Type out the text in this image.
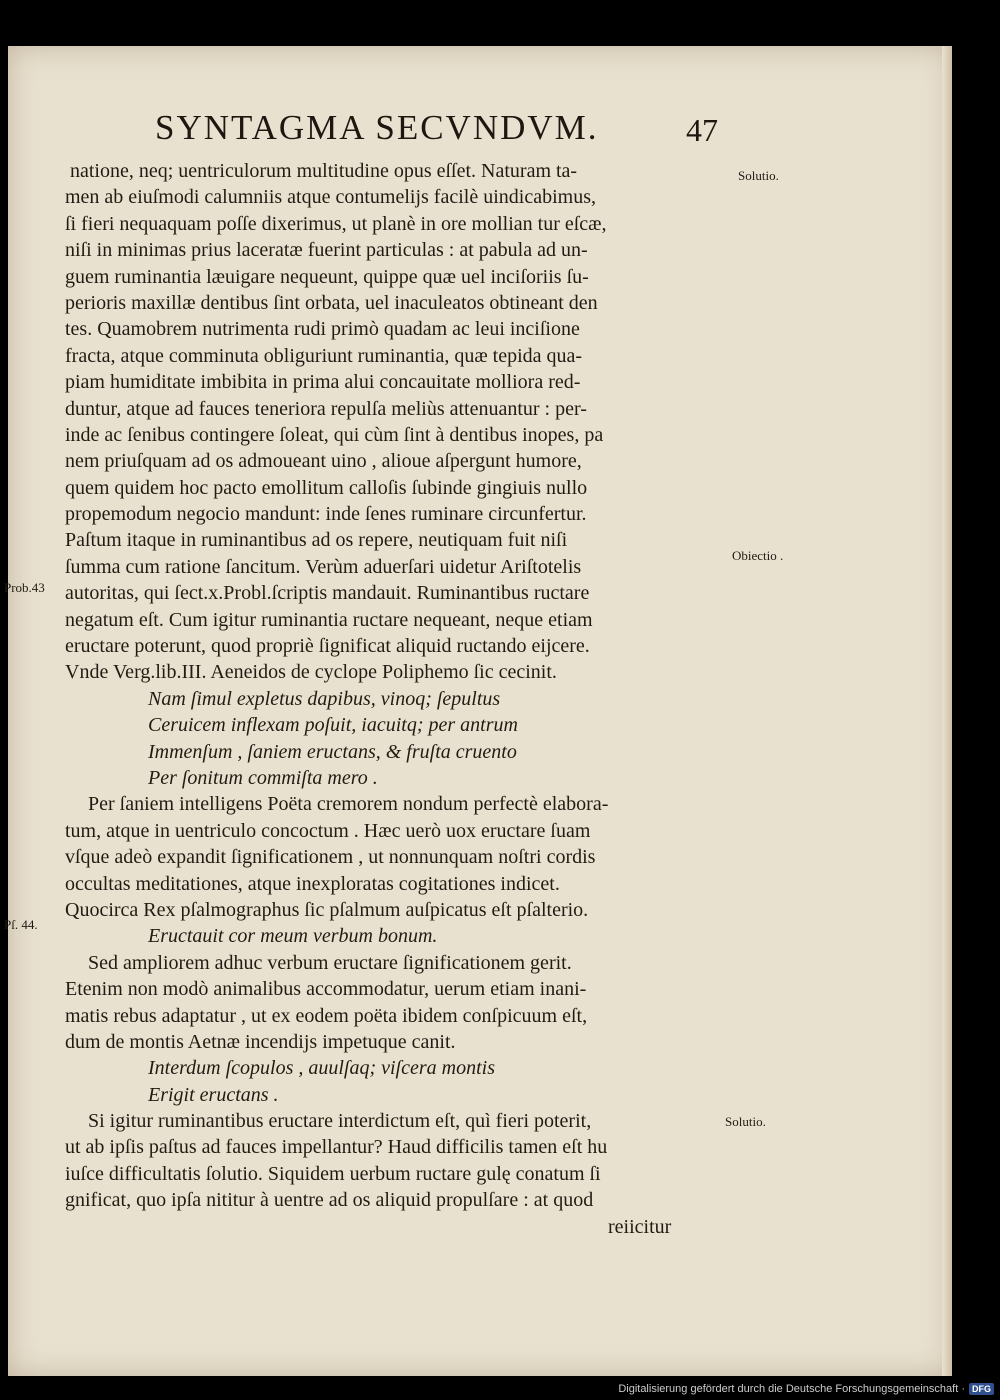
SYNTAGMA SECVNDVM.	47
natione, neq; uentriculorum multitudine opus eſſet. Naturam ta-
men ab eiuſmodi calumniis atque contumelijs facilè uindicabimus,
ſi fieri nequaquam poſſe dixerimus, ut planè in ore mollian tur eſcæ,
niſi in minimas prius laceratæ fuerint particulas : at pabula ad un-
guem ruminantia læuigare nequeunt, quippe quæ uel inciſoriis ſu-
perioris maxillæ dentibus ſint orbata, uel inaculeatos obtineant den
tes. Quamobrem nutrimenta rudi primò quadam ac leui inciſione
fracta, atque comminuta obliguriunt ruminantia, quæ tepida qua-
piam humiditate imbibita in prima alui concauitate molliora red-
duntur, atque ad fauces teneriora repulſa meliùs attenuantur : per-
inde ac ſenibus contingere ſoleat, qui cùm ſint à dentibus inopes, pa
nem priuſquam ad os admoueant uino , alioue aſpergunt humore,
quem quidem hoc pacto emollitum calloſis ſubinde gingiuis nullo
propemodum negocio mandunt: inde ſenes ruminare circunfertur.
Paſtum itaque in ruminantibus ad os repere, neutiquam fuit niſi
ſumma cum ratione ſancitum. Verùm aduerſari uidetur Ariſtotelis
autoritas, qui ſect.x.Probl.ſcriptis mandauit. Ruminantibus ructare
negatum eſt. Cum igitur ruminantia ructare nequeant, neque etiam
eructare poterunt, quod propriè ſignificat aliquid ructando eijcere.
Vnde Verg.lib.III. Aeneidos de cyclope Poliphemo ſic cecinit.
Nam ſimul expletus dapibus, vinoq; ſepultus
Ceruicem inflexam poſuit, iacuitq; per antrum
Immenſum , ſaniem eructans, & fruſta cruento
Per ſonitum commiſta mero .
Per ſaniem intelligens Poëta cremorem nondum perfectè elabora-
tum, atque in uentriculo concoctum . Hæc uerò uox eructare ſuam
vſque adeò expandit ſignificationem , ut nonnunquam noſtri cordis
occultas meditationes, atque inexploratas cogitationes indicet.
Quocirca Rex pſalmographus ſic pſalmum auſpicatus eſt pſalterio.
Eructauit cor meum verbum bonum.
Sed ampliorem adhuc verbum eructare ſignificationem gerit.
Etenim non modò animalibus accommodatur, uerum etiam inani-
matis rebus adaptatur , ut ex eodem poëta ibidem conſpicuum eſt,
dum de montis Aetnæ incendijs impetuque canit.
Interdum ſcopulos , auulſaq; viſcera montis
Erigit eructans .
Si igitur ruminantibus eructare interdictum eſt, quì fieri poterit,
ut ab ipſis paſtus ad fauces impellantur? Haud difficilis tamen eſt hu
iuſce difficultatis ſolutio. Siquidem uerbum ructare gulę conatum ſi
gnificat, quo ipſa nititur à uentre ad os aliquid propulſare : at quod
reiicitur
Solutio.
Obiectio .
Prob.43
Pſ. 44.
Solutio.
Digitalisierung gefördert durch die Deutsche Forschungsgemeinschaft · DFG
